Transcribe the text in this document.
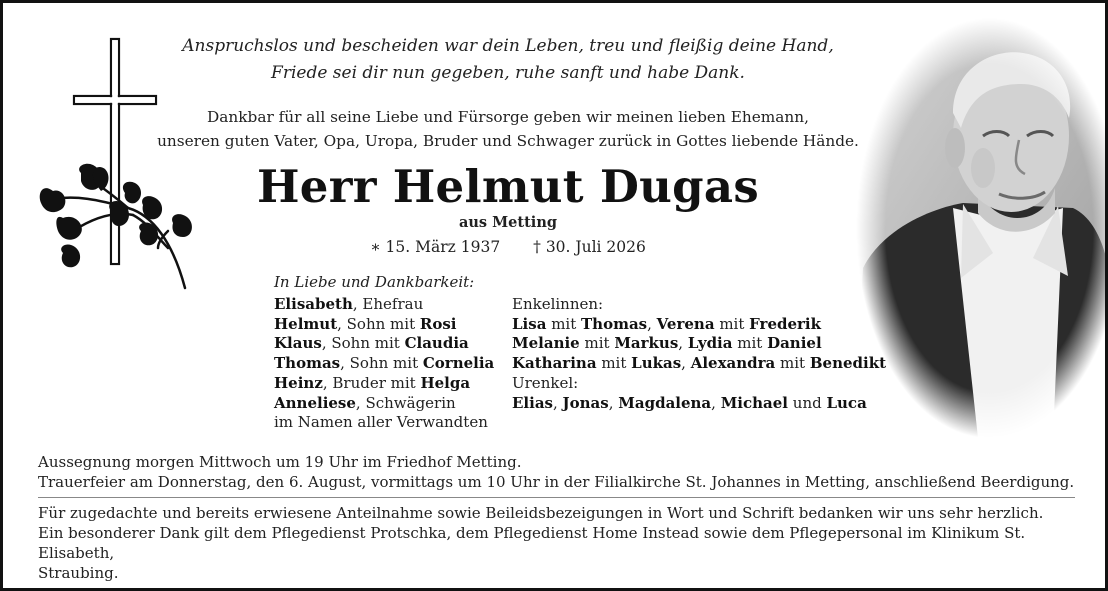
Anspruchslos und bescheiden war dein Leben, treu und fleißig deine Hand,
Friede sei dir nun gegeben, ruhe sanft und habe Dank.
Dankbar für all seine Liebe und Fürsorge geben wir meinen lieben Ehemann,
unseren guten Vater, Opa, Uropa, Bruder und Schwager zurück in Gottes liebende Hände.
Herr Helmut Dugas
aus Metting
∗ 15. März 1937 † 30. Juli 2026
In Liebe und Dankbarkeit:
Elisabeth, Ehefrau
Helmut, Sohn mit Rosi
Klaus, Sohn mit Claudia
Thomas, Sohn mit Cornelia
Heinz, Bruder mit Helga
Anneliese, Schwägerin
im Namen aller Verwandten
Enkelinnen:
Lisa mit Thomas, Verena mit Frederik
Melanie mit Markus, Lydia mit Daniel
Katharina mit Lukas, Alexandra mit Benedikt
Urenkel:
Elias, Jonas, Magdalena, Michael und Luca
Aussegnung morgen Mittwoch um 19 Uhr im Friedhof Metting.
Trauerfeier am Donnerstag, den 6. August, vormittags um 10 Uhr in der Filialkirche St. Johannes in Metting, anschließend Beerdigung.
Für zugedachte und bereits erwiesene Anteilnahme sowie Beileidsbezeigungen in Wort und Schrift bedanken wir uns sehr herzlich.
Ein besonderer Dank gilt dem Pflegedienst Protschka, dem Pflegedienst Home Instead sowie dem Pflegepersonal im Klinikum St. Elisabeth,
Straubing.
